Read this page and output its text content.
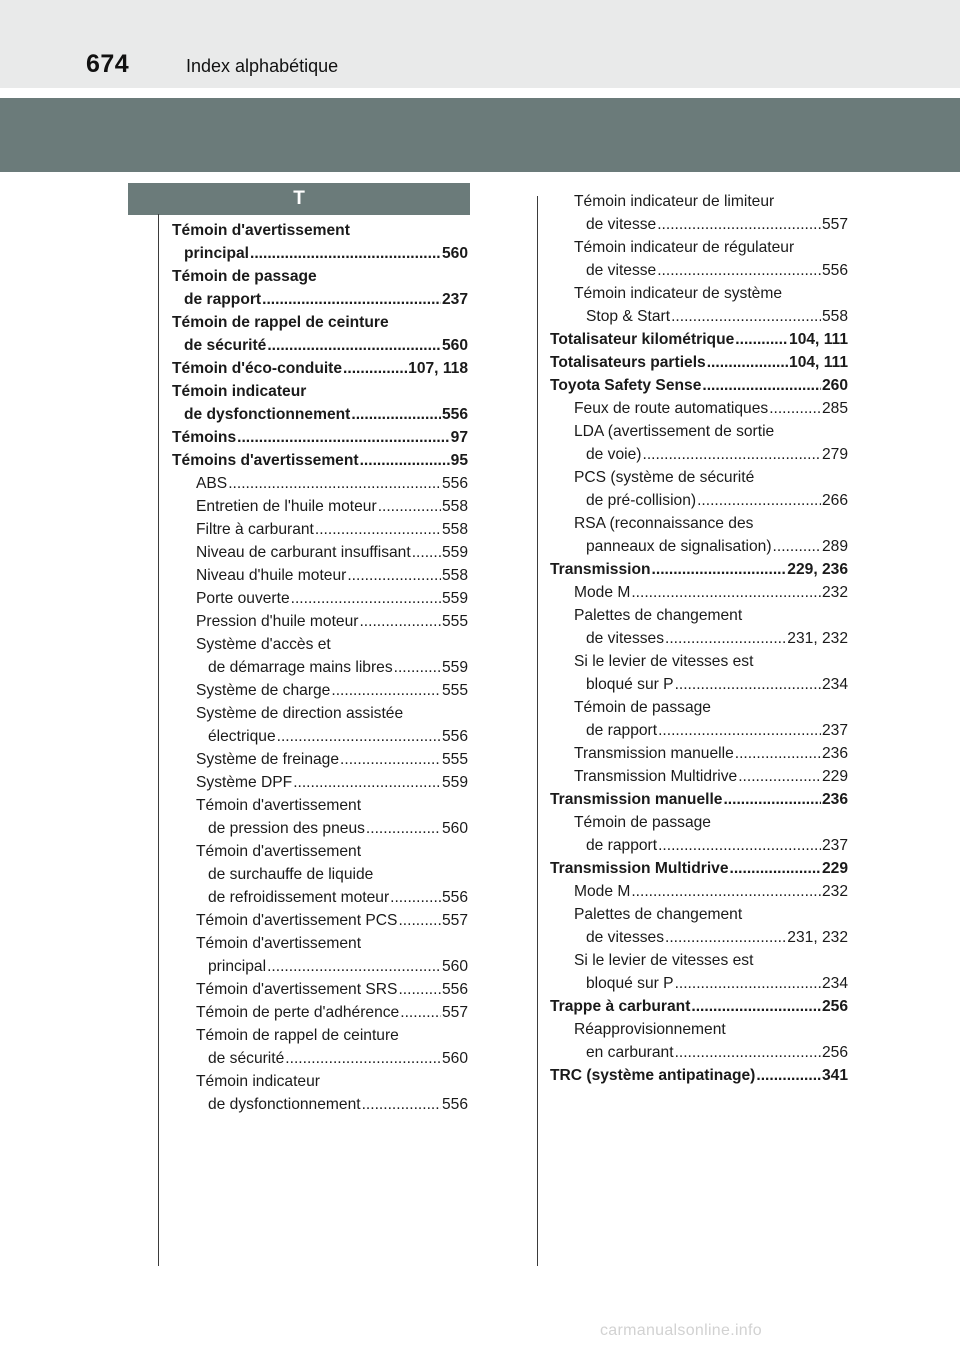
674	Index alphabétique
T
Témoin d'avertissement
principal .....	560
Témoin de passage
de rapport .....	237
Témoin de rappel de ceinture
de sécurité .....	560
Témoin d'éco-conduite .....	107, 118
Témoin indicateur
de dysfonctionnement .....	556
Témoins .....	97
Témoins d'avertissement .....	95
ABS .....	556
Entretien de l'huile moteur .....	558
Filtre à carburant .....	558
Niveau de carburant insuffisant ..... 559
Niveau d'huile moteur .....	558
Porte ouverte .....	559
Pression d'huile moteur .....	555
Système d'accès et
de démarrage mains libres .....	559
Système de charge .....	555
Système de direction assistée
électrique .....	556
Système de freinage .....	555
Système DPF .....	559
Témoin d'avertissement
de pression des pneus .....	560
Témoin d'avertissement
de surchauffe de liquide
de refroidissement moteur .....	556
Témoin d'avertissement PCS .....	557
Témoin d'avertissement
principal .....	560
Témoin d'avertissement SRS .....	556
Témoin de perte d'adhérence .....	557
Témoin de rappel de ceinture
de sécurité .....	560
Témoin indicateur
de dysfonctionnement .....	556
Témoin indicateur de limiteur
de vitesse .....	557
Témoin indicateur de régulateur
de vitesse .....	556
Témoin indicateur de système
Stop & Start .....	558
Totalisateur kilométrique .....	104, 111
Totalisateurs partiels .....	104, 111
Toyota Safety Sense .....	260
Feux de route automatiques .....	285
LDA (avertissement de sortie
de voie) .....	279
PCS (système de sécurité
de pré-collision) .....	266
RSA (reconnaissance des
panneaux de signalisation) .....	289
Transmission .....	229, 236
Mode M .....	232
Palettes de changement
de vitesses .....	231, 232
Si le levier de vitesses est
bloqué sur P .....	234
Témoin de passage
de rapport .....	237
Transmission manuelle .....	236
Transmission Multidrive .....	229
Transmission manuelle .....	236
Témoin de passage
de rapport .....	237
Transmission Multidrive .....	229
Mode M .....	232
Palettes de changement
de vitesses .....	231, 232
Si le levier de vitesses est
bloqué sur P .....	234
Trappe à carburant .....	256
Réapprovisionnement
en carburant .....	256
TRC (système antipatinage) .....	341
carmanualsonline.info
